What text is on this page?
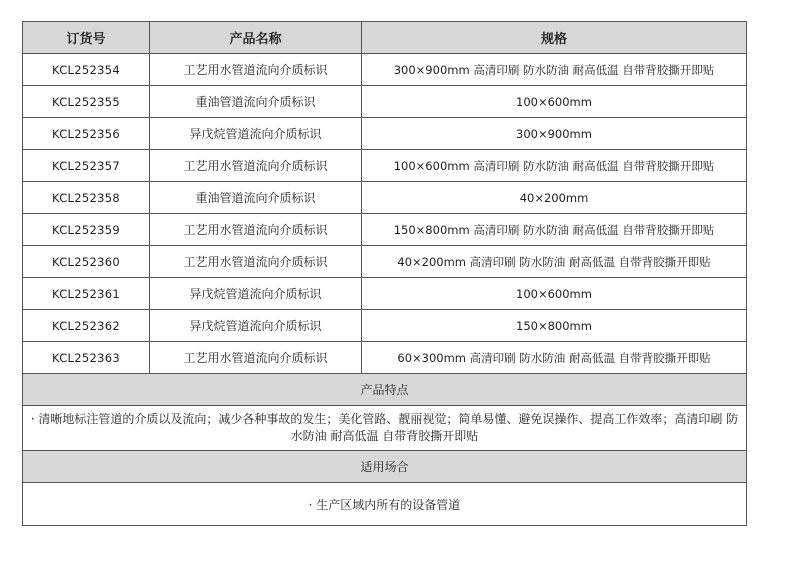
订货号	产品名称	规格
KCL252354	工艺用水管道流向介质标识	300×900mm 高清印刷 防水防油 耐高低温 自带背胶撕开即贴
KCL252355	重油管道流向介质标识	100×600mm
KCL252356	异戊烷管道流向介质标识	300×900mm
KCL252357	工艺用水管道流向介质标识	100×600mm 高清印刷 防水防油 耐高低温 自带背胶撕开即贴
KCL252358	重油管道流向介质标识	40×200mm
KCL252359	工艺用水管道流向介质标识	150×800mm 高清印刷 防水防油 耐高低温 自带背胶撕开即贴
KCL252360	工艺用水管道流向介质标识	40×200mm 高清印刷 防水防油 耐高低温 自带背胶撕开即贴
KCL252361	异戊烷管道流向介质标识	100×600mm
KCL252362	异戊烷管道流向介质标识	150×800mm
KCL252363	工艺用水管道流向介质标识	60×300mm 高清印刷 防水防油 耐高低温 自带背胶撕开即贴
产品特点		
· 清晰地标注管道的介质以及流向；减少各种事故的发生；美化管路、靓丽视觉；简单易懂、避免误操作、提高工作效率；高清印刷 防水防油 耐高低温 自带背胶撕开即贴		
适用场合		
· 生产区域内所有的设备管道		
